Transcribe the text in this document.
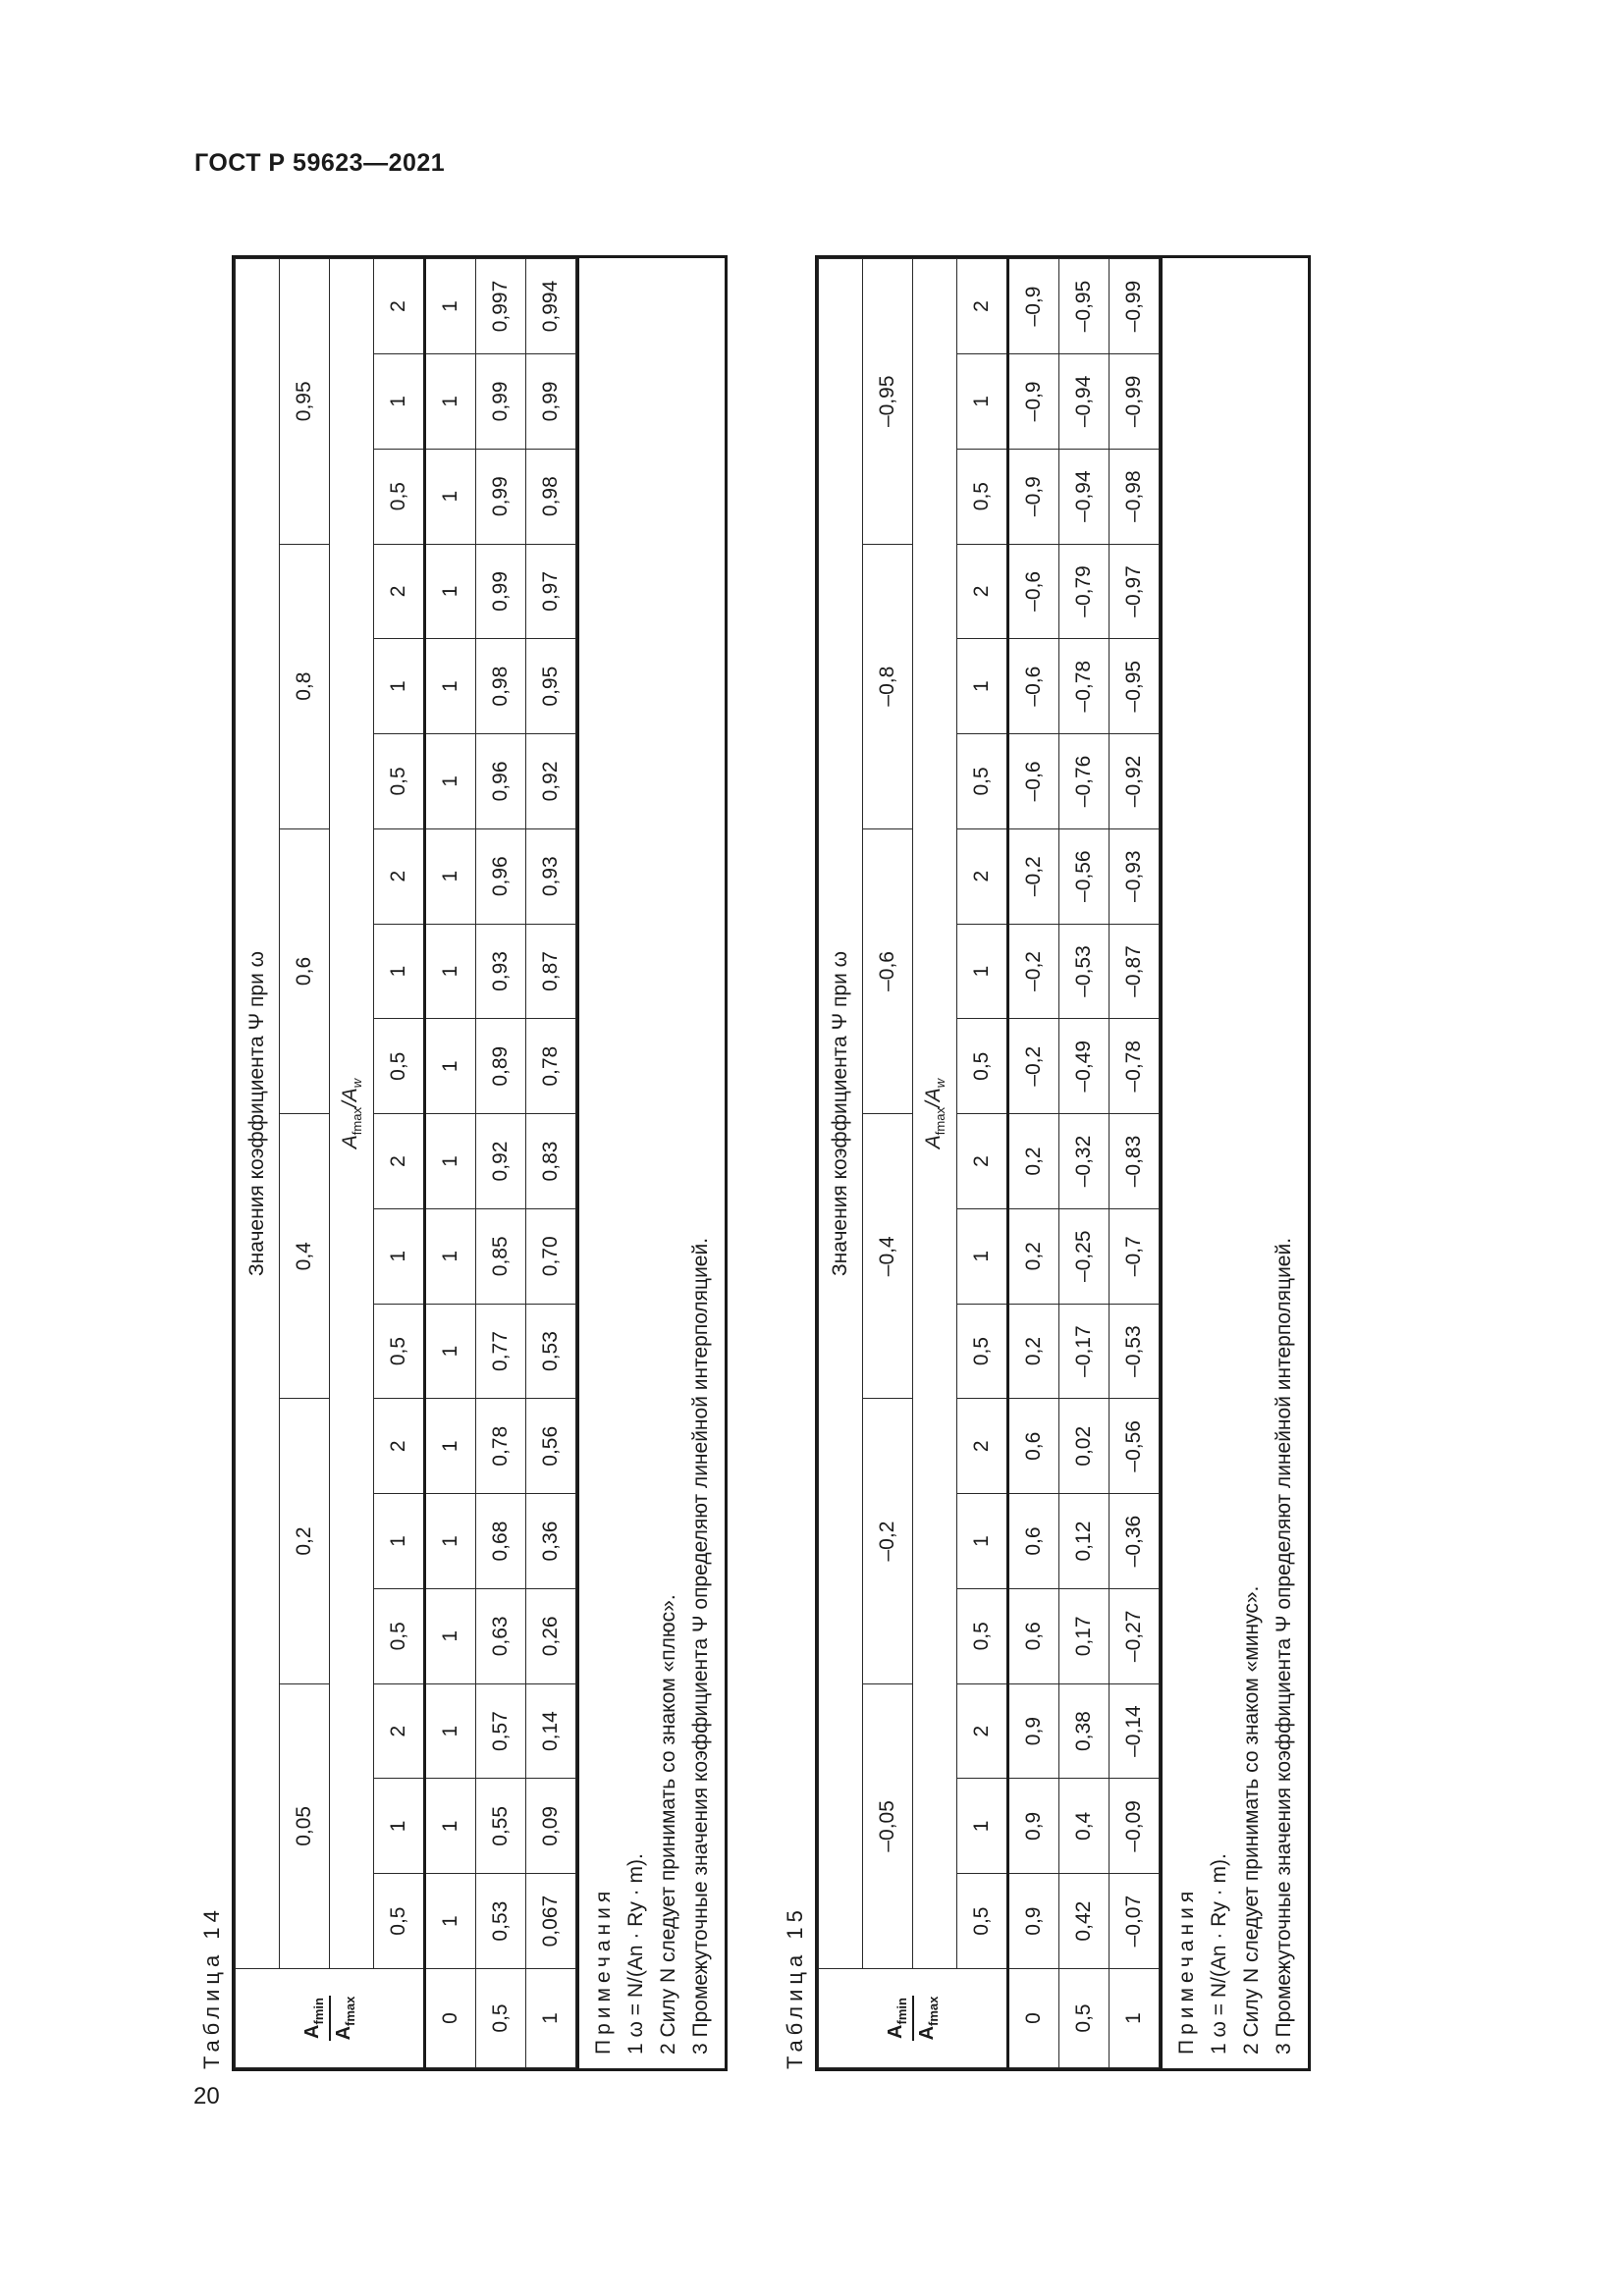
ГОСТ Р 59623—2021
Таблица 14	$A_{fmin}$
$A_{fmax}$	Значения коэффициента Ψ при ω																	
	0,05			0,2			0,4			0,6			0,8			0,95		
	$A_{fmax}/A_w$
	0,5	1	2	0,5	1	2	0,5	1	2	0,5	1	2	0,5	1	2	0,5	1	2
0	1	1	1	1	1	1	1	1	1	1	1	1	1	1	1	1	1	1
0,5	0,53	0,55	0,57	0,63	0,68	0,78	0,77	0,85	0,92	0,89	0,93	0,96	0,96	0,98	0,99	0,99	0,99	0,997
1	0,067	0,09	0,14	0,26	0,36	0,56	0,53	0,70	0,83	0,78	0,87	0,93	0,92	0,95	0,97	0,98	0,99	0,994
Примечания 1 ω = N/(An · Ry · m). 2 Силу N следует принимать со знаком «плюс». 3 Промежуточные значения коэффициента Ψ определяют линейной интерполяцией.	Таблица 15	$A_{fmin}$
$A_{fmax}$	Значения коэффициента Ψ при ω																	
	–0,05			–0,2			–0,4			–0,6			–0,8			–0,95		
	$A_{fmax}/A_w$
	0,5	1	2	0,5	1	2	0,5	1	2	0,5	1	2	0,5	1	2	0,5	1	2
0	0,9	0,9	0,9	0,6	0,6	0,6	0,2	0,2	0,2	–0,2	–0,2	–0,2	–0,6	–0,6	–0,6	–0,9	–0,9	–0,9
0,5	0,42	0,4	0,38	0,17	0,12	0,02	–0,17	–0,25	–0,32	–0,49	–0,53	–0,56	–0,76	–0,78	–0,79	–0,94	–0,94	–0,95
1	–0,07	–0,09	–0,14	–0,27	–0,36	–0,56	–0,53	–0,7	–0,83	–0,78	–0,87	–0,93	–0,92	–0,95	–0,97	–0,98	–0,99	–0,99
Примечания 1 ω = N/(An · Ry · m). 2 Силу N следует принимать со знаком «минус». 3 Промежуточные значения коэффициента Ψ определяют линейной интерполяцией.
20
